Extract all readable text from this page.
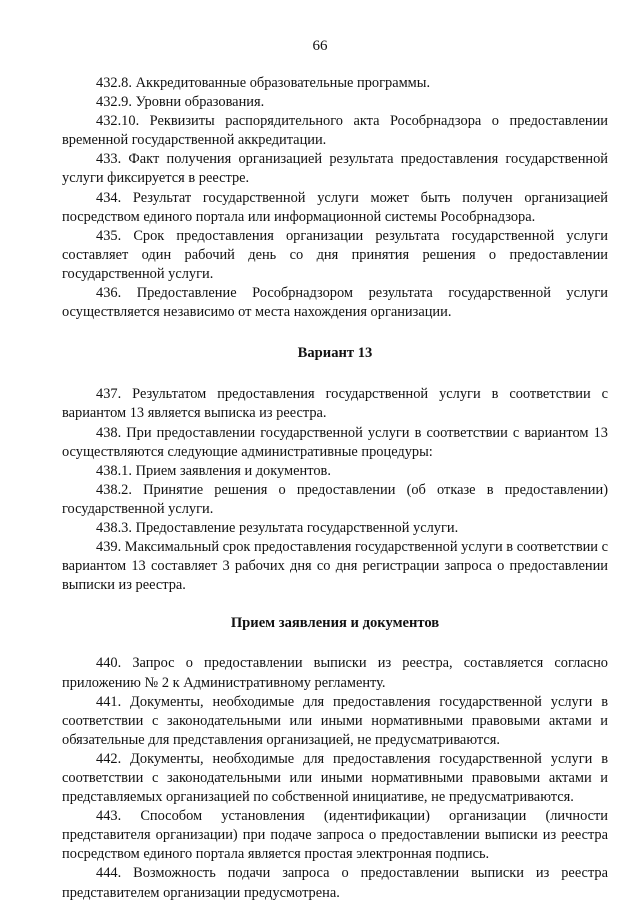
66

432.8. Аккредитованные образовательные программы.

432.9. Уровни образования.

432.10. Реквизиты распорядительного акта Рособрнадзора о предоставлении временной государственной аккредитации.

433. Факт получения организацией результата предоставления государственной услуги фиксируется в реестре.

434. Результат государственной услуги может быть получен организацией посредством единого портала или информационной системы Рособрнадзора.

435. Срок предоставления организации результата государственной услуги составляет один рабочий день со дня принятия решения о предоставлении государственной услуги.

436. Предоставление Рособрнадзором результата государственной услуги осуществляется независимо от места нахождения организации.

Вариант 13

437. Результатом предоставления государственной услуги в соответствии с вариантом 13 является выписка из реестра.

438. При предоставлении государственной услуги в соответствии с вариантом 13 осуществляются следующие административные процедуры:

438.1. Прием заявления и документов.

438.2. Принятие решения о предоставлении (об отказе в предоставлении) государственной услуги.

438.3. Предоставление результата государственной услуги.

439. Максимальный срок предоставления государственной услуги в соответствии с вариантом 13 составляет 3 рабочих дня со дня регистрации запроса о предоставлении выписки из реестра.

Прием заявления и документов

440. Запрос о предоставлении выписки из реестра, составляется согласно приложению № 2 к Административному регламенту.

441. Документы, необходимые для предоставления государственной услуги в соответствии с законодательными или иными нормативными правовыми актами и обязательные для представления организацией, не предусматриваются.

442. Документы, необходимые для предоставления государственной услуги в соответствии с законодательными или иными нормативными правовыми актами и представляемых организацией по собственной инициативе, не предусматриваются.

443. Способом установления (идентификации) организации (личности представителя организации) при подаче запроса о предоставлении выписки из реестра посредством единого портала является простая электронная подпись.

444. Возможность подачи запроса о предоставлении выписки из реестра представителем организации предусмотрена.
